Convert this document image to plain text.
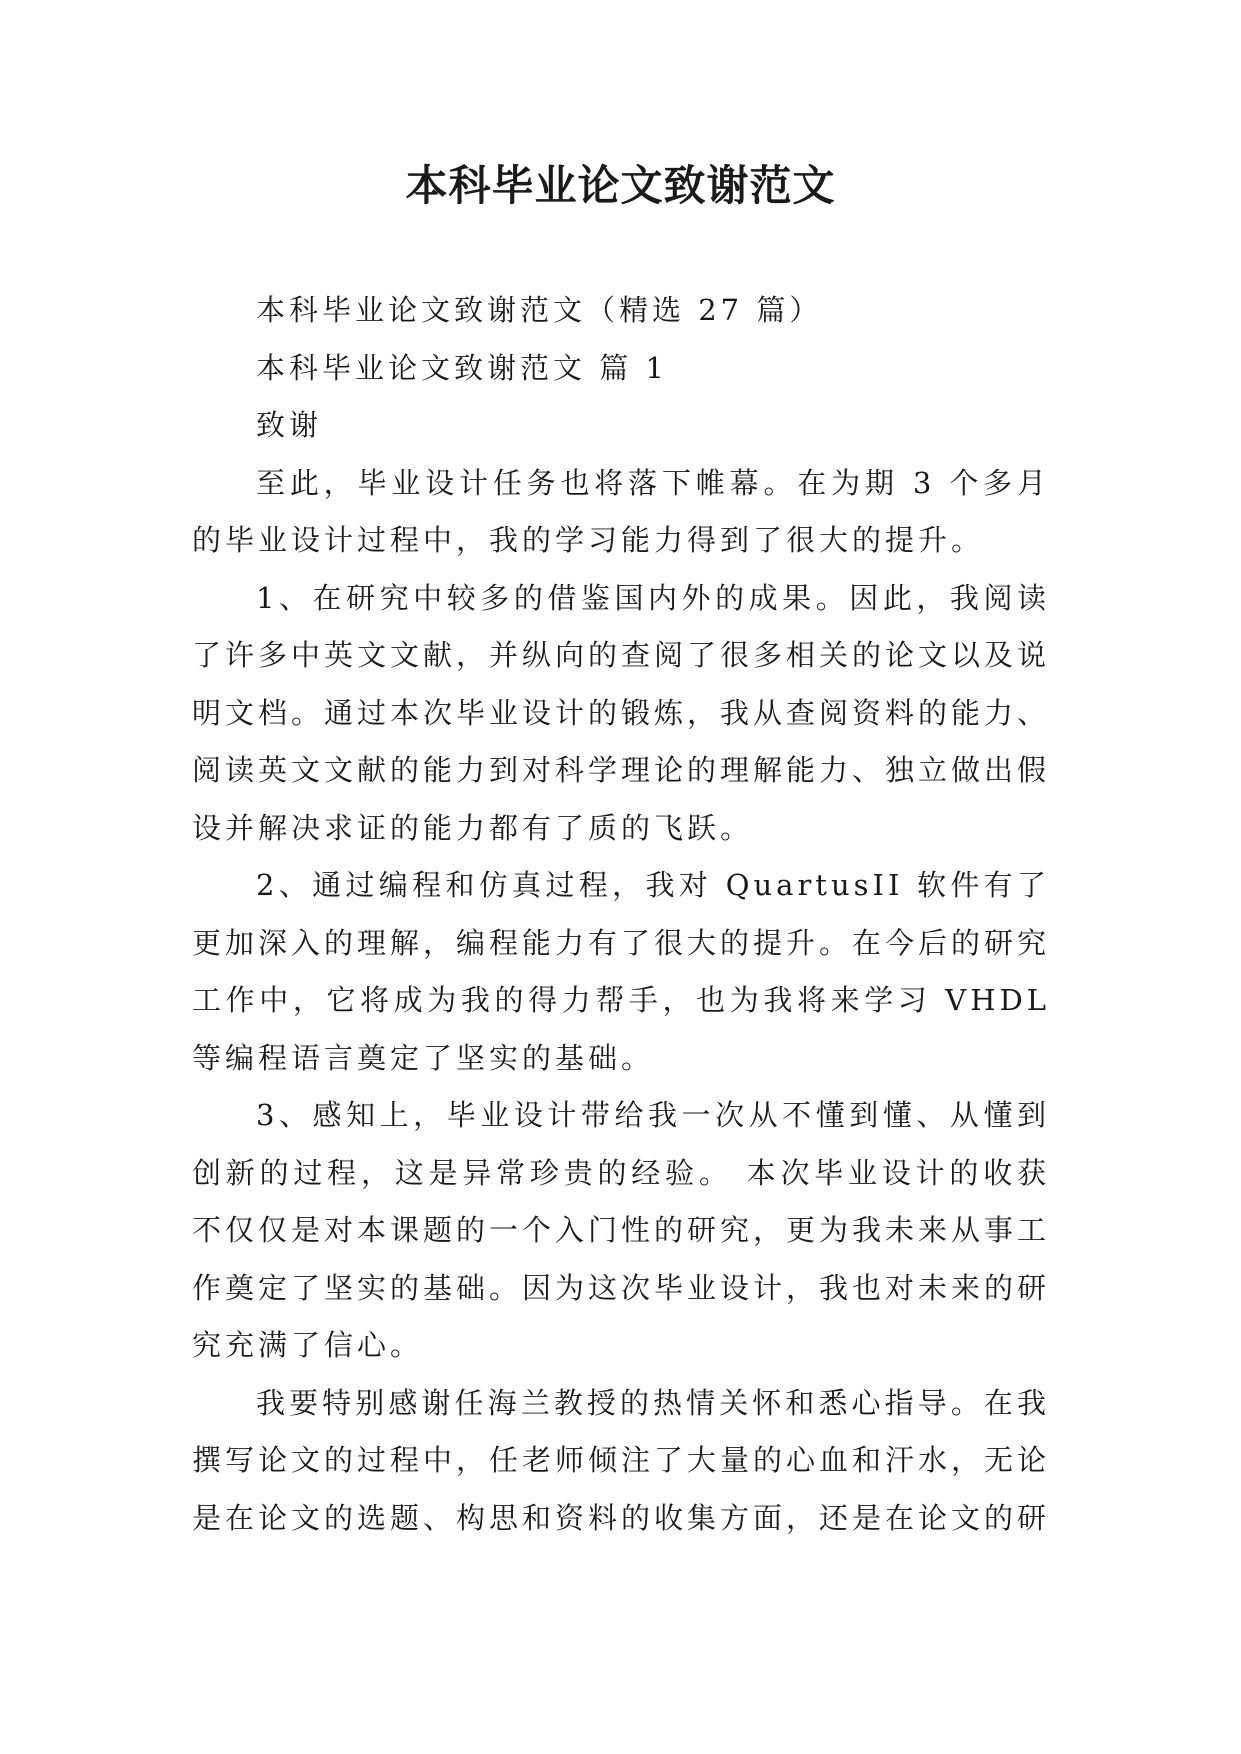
本科毕业论文致谢范文

本科毕业论文致谢范文（精选 27 篇）

本科毕业论文致谢范文 篇 1

致谢

至此，毕业设计任务也将落下帷幕。在为期 3 个多月的毕业设计过程中，我的学习能力得到了很大的提升。

1、在研究中较多的借鉴国内外的成果。因此，我阅读了许多中英文文献，并纵向的查阅了很多相关的论文以及说明文档。通过本次毕业设计的锻炼，我从查阅资料的能力、阅读英文文献的能力到对科学理论的理解能力、独立做出假设并解决求证的能力都有了质的飞跃。

2、通过编程和仿真过程，我对 QuartusII 软件有了更加深入的理解，编程能力有了很大的提升。在今后的研究工作中，它将成为我的得力帮手，也为我将来学习 VHDL 等编程语言奠定了坚实的基础。

3、感知上，毕业设计带给我一次从不懂到懂、从懂到创新的过程，这是异常珍贵的经验。 本次毕业设计的收获不仅仅是对本课题的一个入门性的研究，更为我未来从事工作奠定了坚实的基础。因为这次毕业设计，我也对未来的研究充满了信心。

我要特别感谢任海兰教授的热情关怀和悉心指导。在我撰写论文的过程中，任老师倾注了大量的心血和汗水，无论是在论文的选题、构思和资料的收集方面，还是在论文的研
